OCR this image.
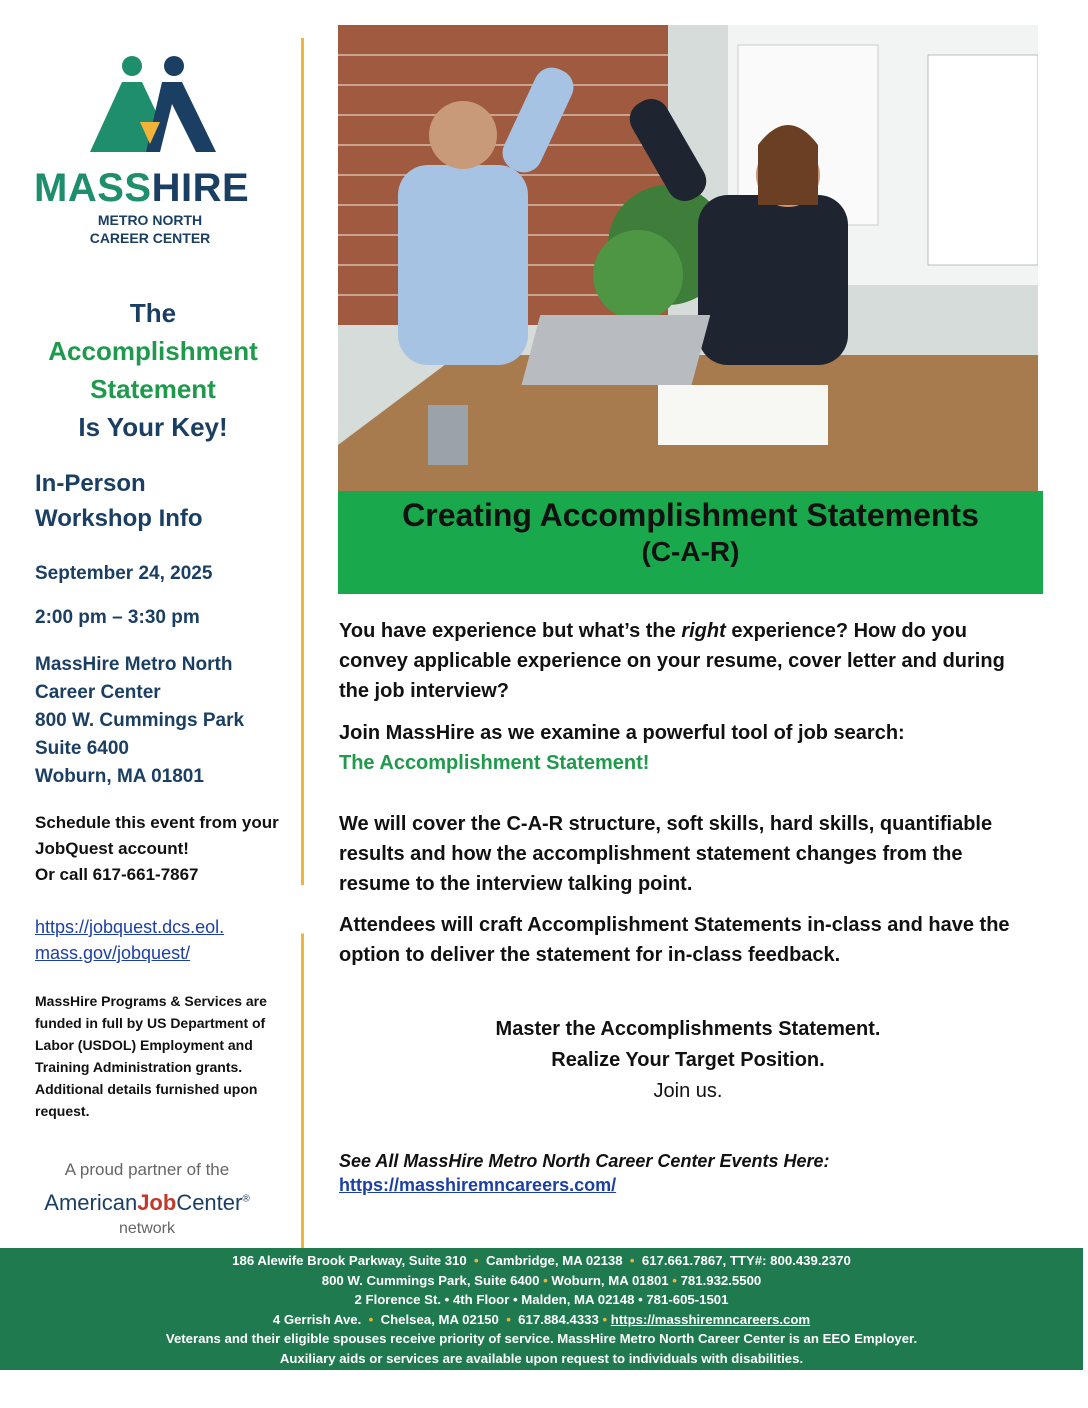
MASSHIRE
METRO NORTH
CAREER CENTER
The
Accomplishment
Statement
Is Your Key!
In-Person
Workshop Info
September 24, 2025
2:00 pm – 3:30 pm
MassHire Metro North
Career Center
800 W. Cummings Park
Suite 6400
Woburn, MA 01801
Schedule this event from your
JobQuest account!
Or call 617-661-7867
https://jobquest.dcs.eol.
mass.gov/jobquest/
MassHire Programs & Services are
funded in full by US Department of
Labor (USDOL) Employment and
Training Administration grants.
Additional details furnished upon
request.
A proud partner of the
AmericanJobCenter®
network
Creating Accomplishment Statements
(C-A-R)
You have experience but what’s the right experience? How do you convey applicable experience on your resume, cover letter and during the job interview?
Join MassHire as we examine a powerful tool of job search:
The Accomplishment Statement!
We will cover the C-A-R structure, soft skills, hard skills, quantifiable results and how the accomplishment statement changes from the resume to the interview talking point.
Attendees will craft Accomplishment Statements in-class and have the option to deliver the statement for in-class feedback.
Master the Accomplishments Statement.
Realize Your Target Position.
Join us.
See All MassHire Metro North Career Center Events Here:
https://masshiremncareers.com/
186 Alewife Brook Parkway, Suite 310  •  Cambridge, MA 02138  •  617.661.7867, TTY#: 800.439.2370
800 W. Cummings Park, Suite 6400 • Woburn, MA 01801 • 781.932.5500
2 Florence St. • 4th Floor • Malden, MA 02148 • 781-605-1501
4 Gerrish Ave.  •  Chelsea, MA 02150  •  617.884.4333 • https://masshiremncareers.com
Veterans and their eligible spouses receive priority of service. MassHire Metro North Career Center is an EEO Employer.
Auxiliary aids or services are available upon request to individuals with disabilities.
